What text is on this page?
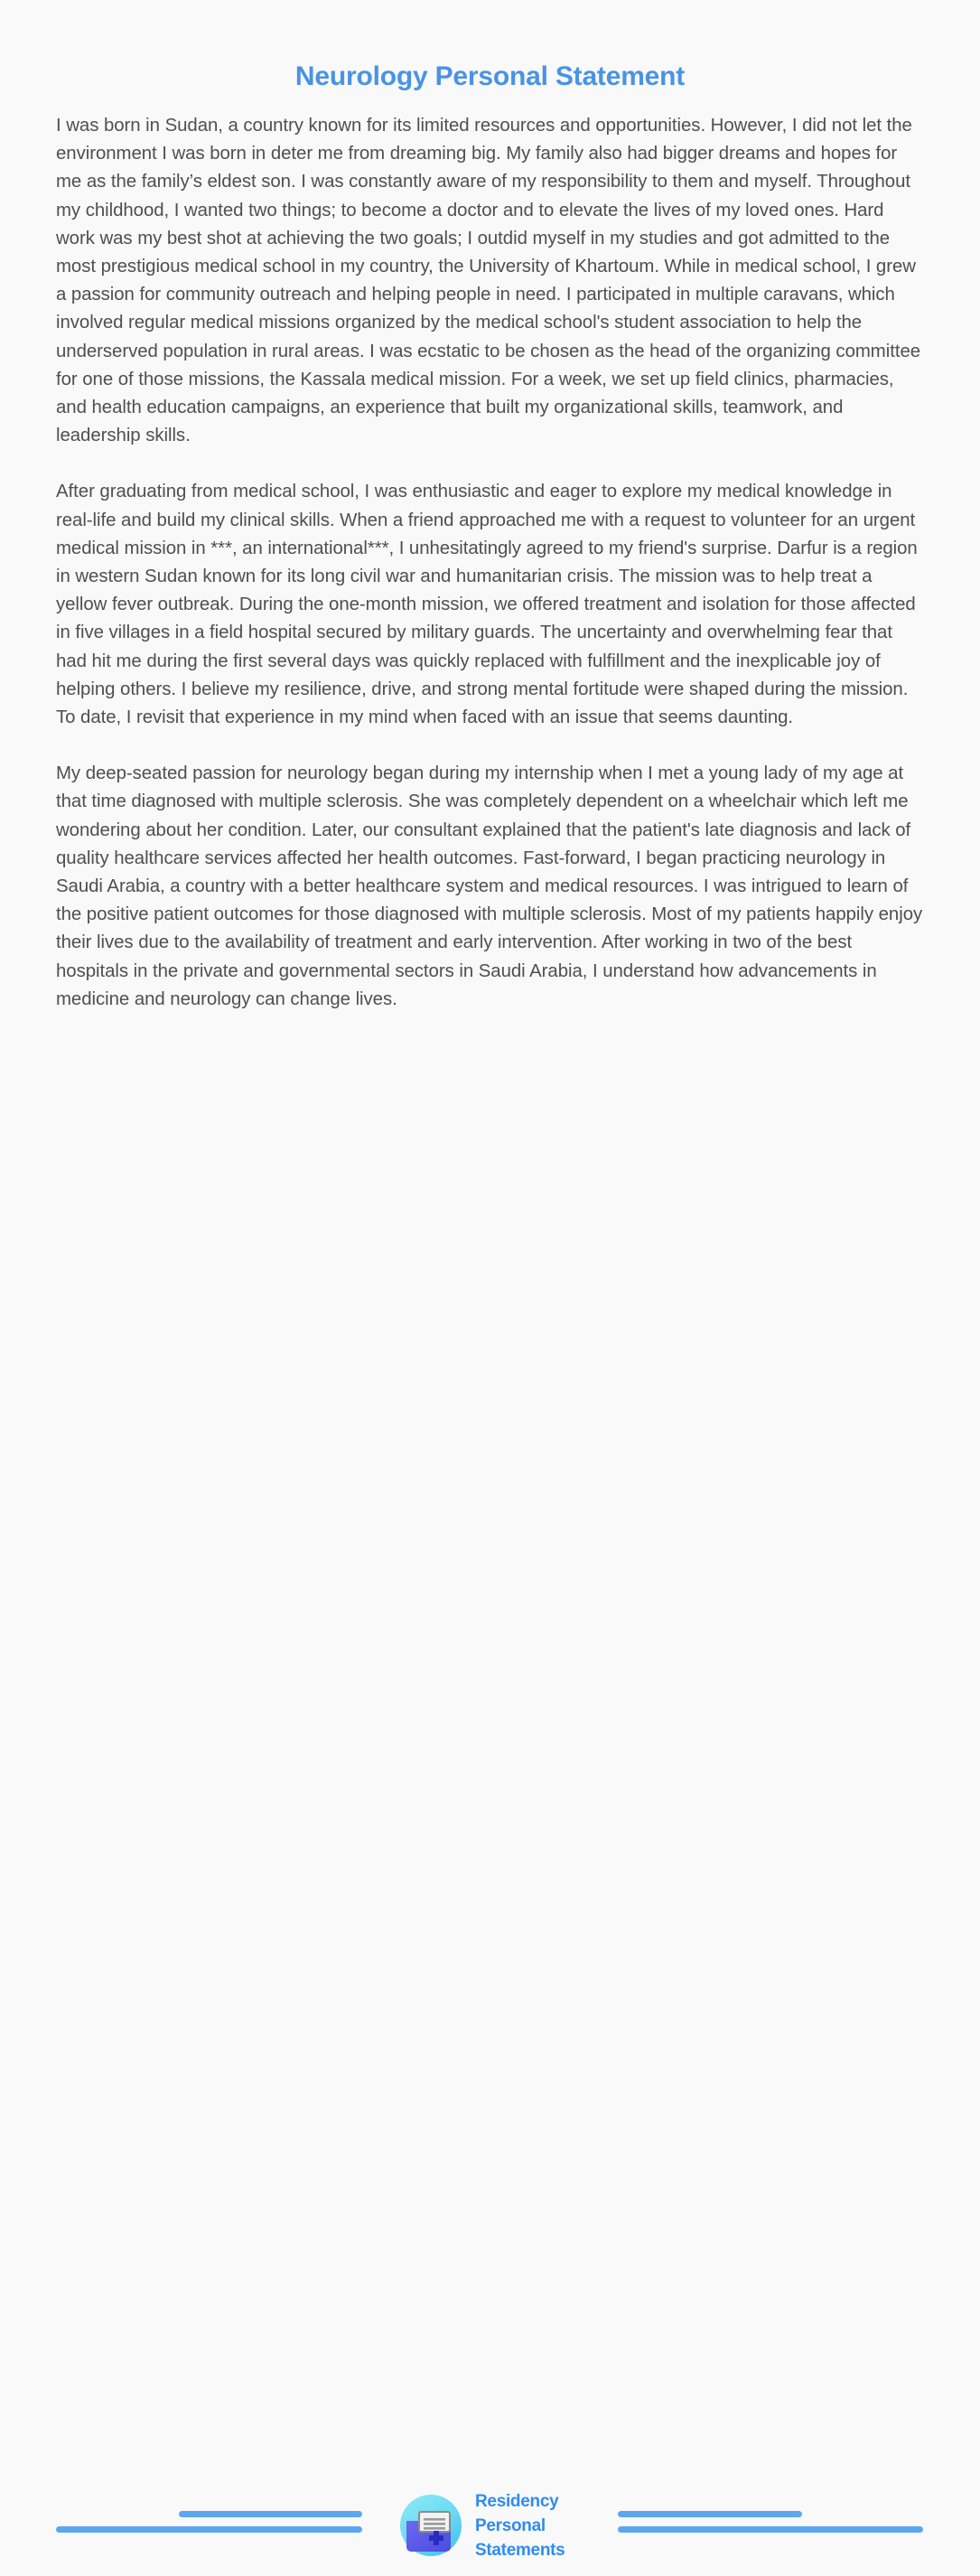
Neurology Personal Statement

I was born in Sudan, a country known for its limited resources and opportunities. However, I did not let the environment I was born in deter me from dreaming big. My family also had bigger dreams and hopes for me as the family’s eldest son. I was constantly aware of my responsibility to them and myself. Throughout my childhood, I wanted two things; to become a doctor and to elevate the lives of my loved ones. Hard work was my best shot at achieving the two goals; I outdid myself in my studies and got admitted to the most prestigious medical school in my country, the University of Khartoum. While in medical school, I grew a passion for community outreach and helping people in need. I participated in multiple caravans, which involved regular medical missions organized by the medical school's student association to help the underserved population in rural areas. I was ecstatic to be chosen as the head of the organizing committee for one of those missions, the Kassala medical mission. For a week, we set up field clinics, pharmacies, and health education campaigns, an experience that built my organizational skills, teamwork, and leadership skills.

After graduating from medical school, I was enthusiastic and eager to explore my medical knowledge in real-life and build my clinical skills. When a friend approached me with a request to volunteer for an urgent medical mission in ***, an international***, I unhesitatingly agreed to my friend's surprise. Darfur is a region in western Sudan known for its long civil war and humanitarian crisis. The mission was to help treat a yellow fever outbreak. During the one-month mission, we offered treatment and isolation for those affected in five villages in a field hospital secured by military guards. The uncertainty and overwhelming fear that had hit me during the first several days was quickly replaced with fulfillment and the inexplicable joy of helping others. I believe my resilience, drive, and strong mental fortitude were shaped during the mission. To date, I revisit that experience in my mind when faced with an issue that seems daunting.

My deep-seated passion for neurology began during my internship when I met a young lady of my age at that time diagnosed with multiple sclerosis. She was completely dependent on a wheelchair which left me wondering about her condition. Later, our consultant explained that the patient's late diagnosis and lack of quality healthcare services affected her health outcomes. Fast-forward, I began practicing neurology in Saudi Arabia, a country with a better healthcare system and medical resources. I was intrigued to learn of the positive patient outcomes for those diagnosed with multiple sclerosis. Most of my patients happily enjoy their lives due to the availability of treatment and early intervention. After working in two of the best hospitals in the private and governmental sectors in Saudi Arabia, I understand how advancements in medicine and neurology can change lives.

Residency
Personal
Statements
